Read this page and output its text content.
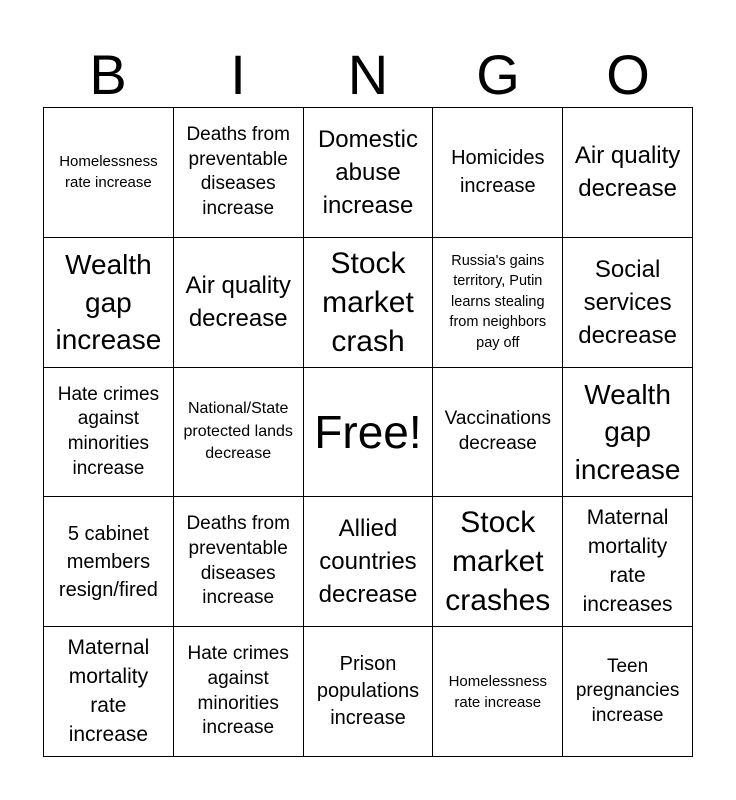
B	I	N	G	O
Homelessness rate increase
Deaths from preventable diseases increase
Domestic abuse increase
Homicides increase
Air quality decrease
Wealth gap increase
Air quality decrease
Stock market crash
Russia's gains territory, Putin learns stealing from neighbors pay off
Social services decrease
Hate crimes against minorities increase
National/State protected lands decrease Free! Vaccinations decrease
Wealth gap increase
5 cabinet members resign/fired
Deaths from preventable diseases increase
Allied countries decrease
Stock market crashes
Maternal mortality rate increases
Maternal mortality rate increase
Hate crimes against minorities increase
Prison populations increase
Homelessness rate increase
Teen pregnancies increase
